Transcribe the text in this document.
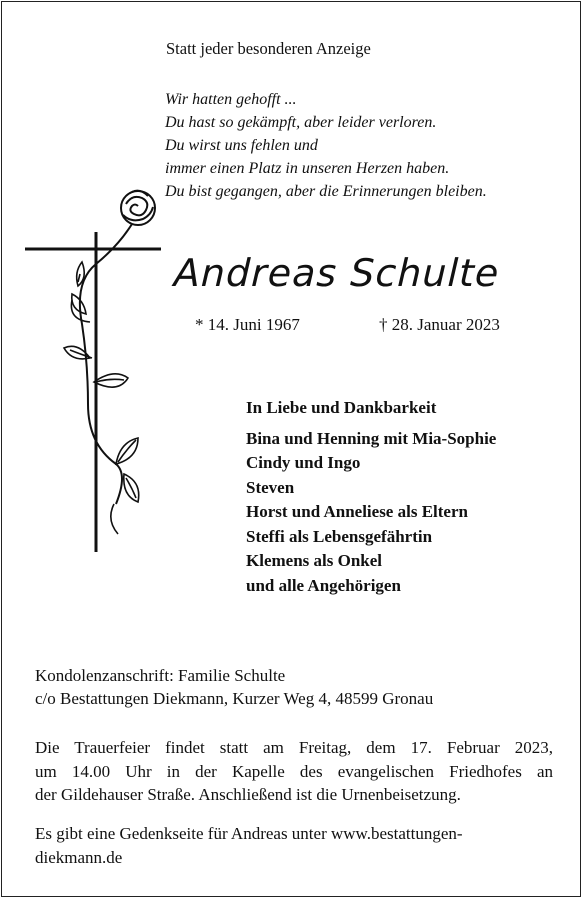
Statt jeder besonderen Anzeige
Wir hatten gehofft ...
Du hast so gekämpft, aber leider verloren.
Du wirst uns fehlen und
immer einen Platz in unseren Herzen haben.
Du bist gegangen, aber die Erinnerungen bleiben.
Andreas Schulte
* 14. Juni 1967	† 28. Januar 2023
In Liebe und Dankbarkeit
Bina und Henning mit Mia-Sophie
Cindy und Ingo
Steven
Horst und Anneliese als Eltern
Steffi als Lebensgefährtin
Klemens als Onkel
und alle Angehörigen
Kondolenzanschrift: Familie Schulte
c/o Bestattungen Diekmann, Kurzer Weg 4, 48599 Gronau
Die Trauerfeier findet statt am Freitag, dem 17. Februar 2023,
um 14.00 Uhr in der Kapelle des evangelischen Friedhofes an
der Gildehauser Straße. Anschließend ist die Urnenbeisetzung.
Es gibt eine Gedenkseite für Andreas unter www.bestattungen-
diekmann.de
